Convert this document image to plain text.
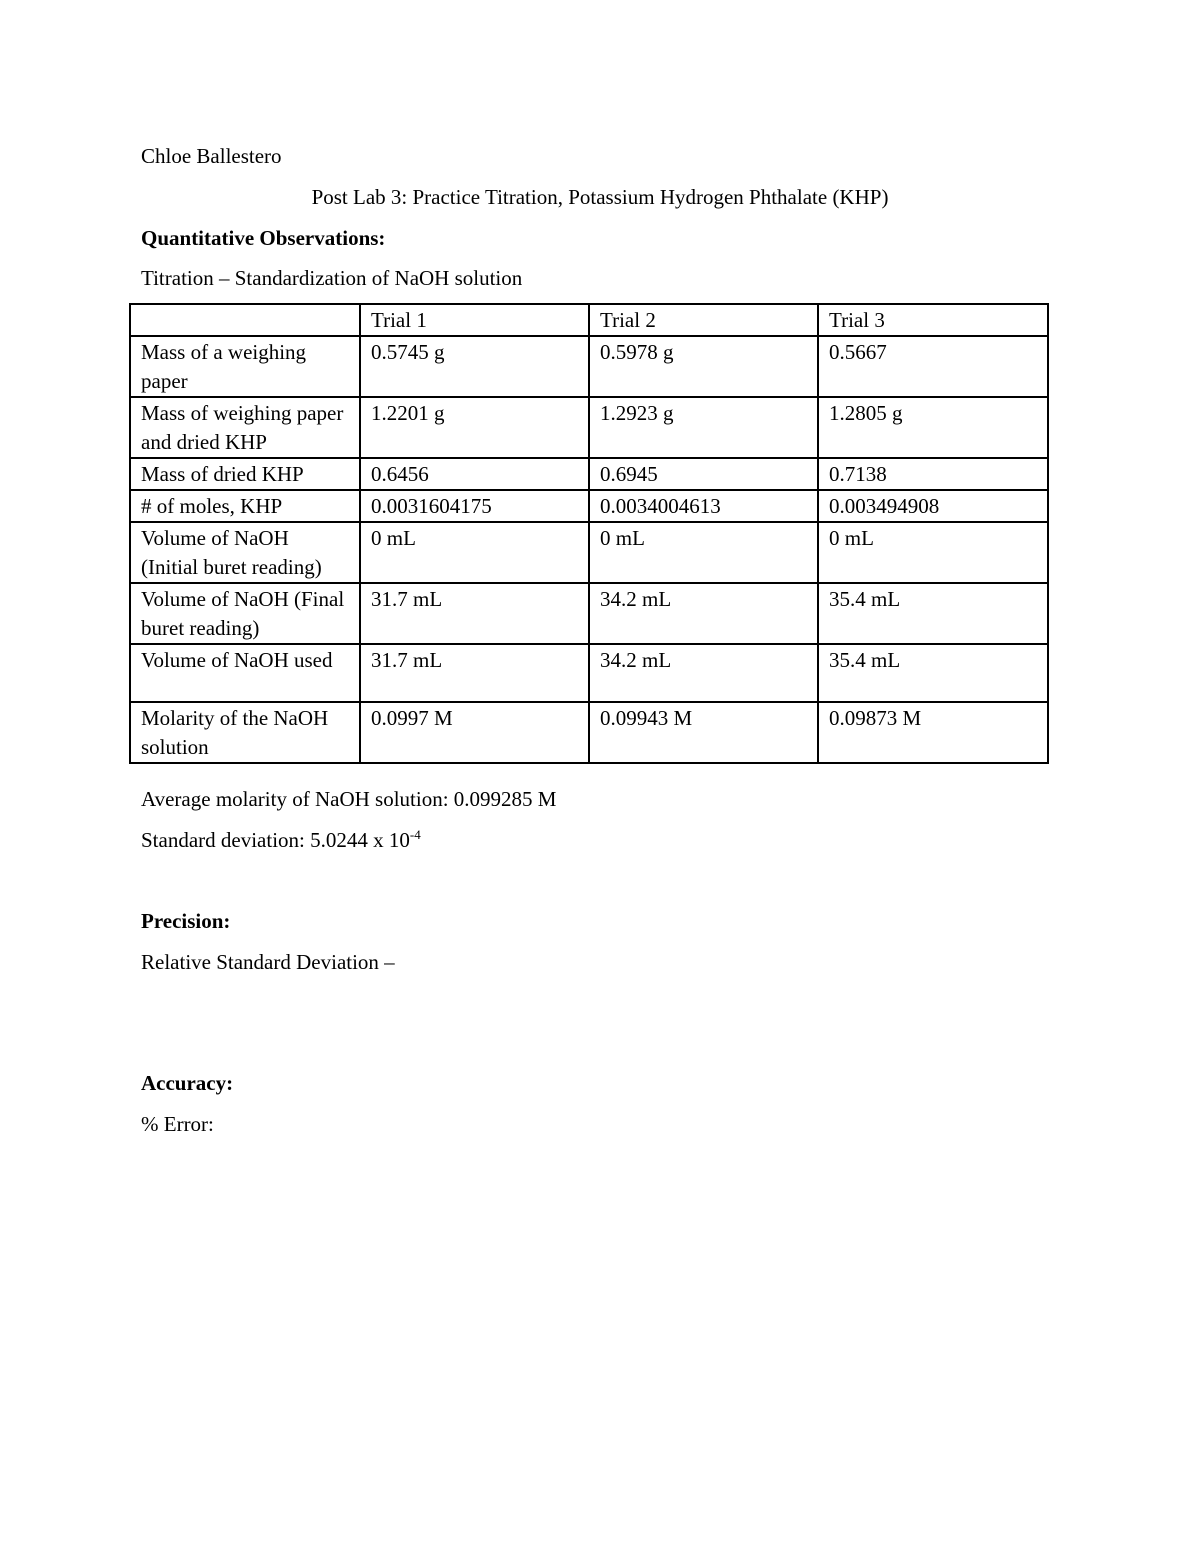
Chloe Ballestero
Post Lab 3: Practice Titration, Potassium Hydrogen Phthalate (KHP)
Quantitative Observations:
Titration – Standardization of NaOH solution
	Trial 1	Trial 2	Trial 3
Mass of a weighing paper	0.5745 g	0.5978 g	0.5667
Mass of weighing paper and dried KHP	1.2201 g	1.2923 g	1.2805 g
Mass of dried KHP	0.6456	0.6945	0.7138
# of moles, KHP	0.0031604175	0.0034004613	0.003494908
Volume of NaOH (Initial buret reading)	0 mL	0 mL	0 mL
Volume of NaOH (Final buret reading)	31.7 mL	34.2 mL	35.4 mL
Volume of NaOH used	31.7 mL	34.2 mL	35.4 mL
Molarity of the NaOH solution	0.0997 M	0.09943 M	0.09873 M
Average molarity of NaOH solution: 0.099285 M
Standard deviation: 5.0244 x $10^{-4}$
Precision:
Relative Standard Deviation –
Accuracy:
% Error:
